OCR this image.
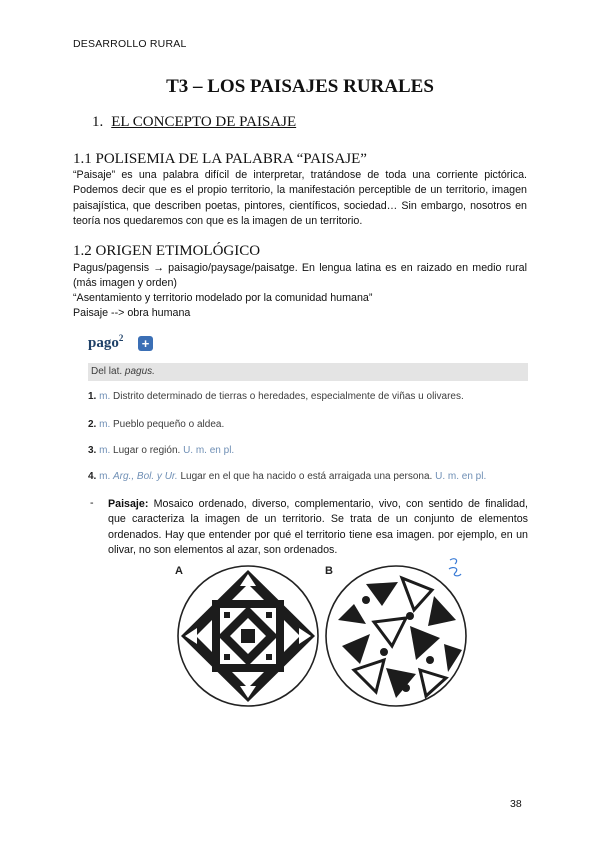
DESARROLLO RURAL
T3 – LOS PAISAJES RURALES
1. EL CONCEPTO DE PAISAJE
1.1 POLISEMIA DE LA PALABRA “PAISAJE”
“Paisaje” es una palabra difícil de interpretar, tratándose de toda una corriente pictórica. Podemos decir que es el propio territorio, la manifestación perceptible de un territorio, imagen paisajística, que describen poetas, pintores, científicos, sociedad… Sin embargo, nosotros en teoría nos quedaremos con que es la imagen de un territorio.
1.2 ORIGEN ETIMOLÓGICO
Pagus/pagensis → paisagio/paysage/paisatge. En lengua latina es en raizado en medio rural (más imagen y orden)
“Asentamiento y territorio modelado por la comunidad humana”
Paisaje --> obra humana
pago$^2$ +
Del lat. pagus.
1. m. Distrito determinado de tierras o heredades, especialmente de viñas u olivares.
2. m. Pueblo pequeño o aldea.
3. m. Lugar o región. U. m. en pl.
4. m. Arg., Bol. y Ur. Lugar en el que ha nacido o está arraigada una persona. U. m. en pl.
- Paisaje: Mosaico ordenado, diverso, complementario, vivo, con sentido de finalidad, que caracteriza la imagen de un territorio. Se trata de un conjunto de elementos ordenados. Hay que entender por qué el territorio tiene esa imagen. por ejemplo, en un olivar, no son elementos al azar, son ordenados.
A	B
38
